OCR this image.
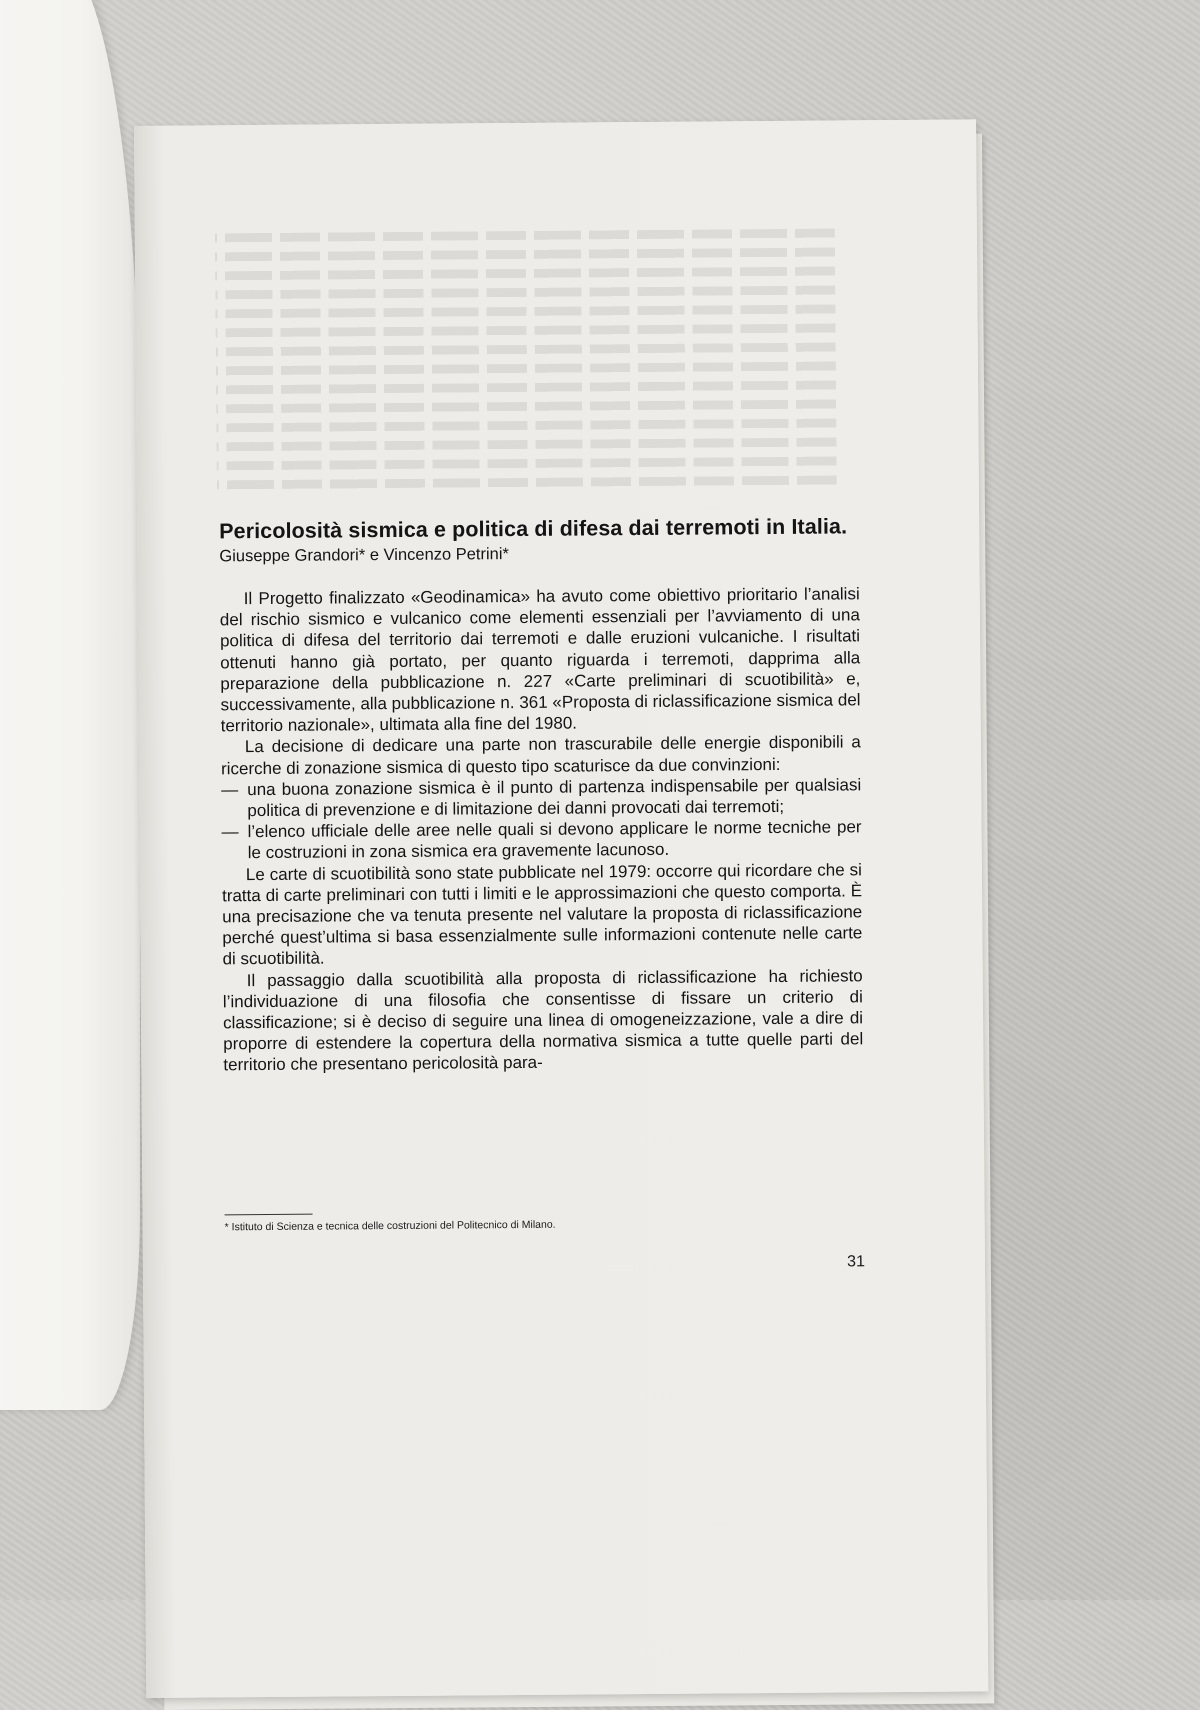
Pericolosità sismica e politica di difesa dai terremoti in Italia.
Giuseppe Grandori* e Vincenzo Petrini*

Il Progetto finalizzato «Geodinamica» ha avuto come obiettivo prioritario l’analisi del rischio sismico e vulcanico come elementi essenziali per l’avviamento di una politica di difesa del territorio dai terremoti e dalle eruzioni vulcaniche. I risultati ottenuti hanno già portato, per quanto riguarda i terremoti, dapprima alla preparazione della pubblicazione n. 227 «Carte preliminari di scuotibilità» e, successivamente, alla pubblicazione n. 361 «Proposta di riclassificazione sismica del territorio nazionale», ultimata alla fine del 1980.

La decisione di dedicare una parte non trascurabile delle energie disponibili a ricerche di zonazione sismica di questo tipo scaturisce da due convinzioni:

— una buona zonazione sismica è il punto di partenza indispensabile per qualsiasi politica di prevenzione e di limitazione dei danni provocati dai terremoti;

— l’elenco ufficiale delle aree nelle quali si devono applicare le norme tecniche per le costruzioni in zona sismica era gravemente lacunoso.

Le carte di scuotibilità sono state pubblicate nel 1979: occorre qui ricordare che si tratta di carte preliminari con tutti i limiti e le approssimazioni che questo comporta. È una precisazione che va tenuta presente nel valutare la proposta di riclassificazione perché quest’ultima si basa essenzialmente sulle informazioni contenute nelle carte di scuotibilità.

Il passaggio dalla scuotibilità alla proposta di riclassificazione ha richiesto l’individuazione di una filosofia che consentisse di fissare un criterio di classificazione; si è deciso di seguire una linea di omogeneizzazione, vale a dire di proporre di estendere la copertura della normativa sismica a tutte quelle parti del territorio che presentano pericolosità para-

* Istituto di Scienza e tecnica delle costruzioni del Politecnico di Milano.
31
